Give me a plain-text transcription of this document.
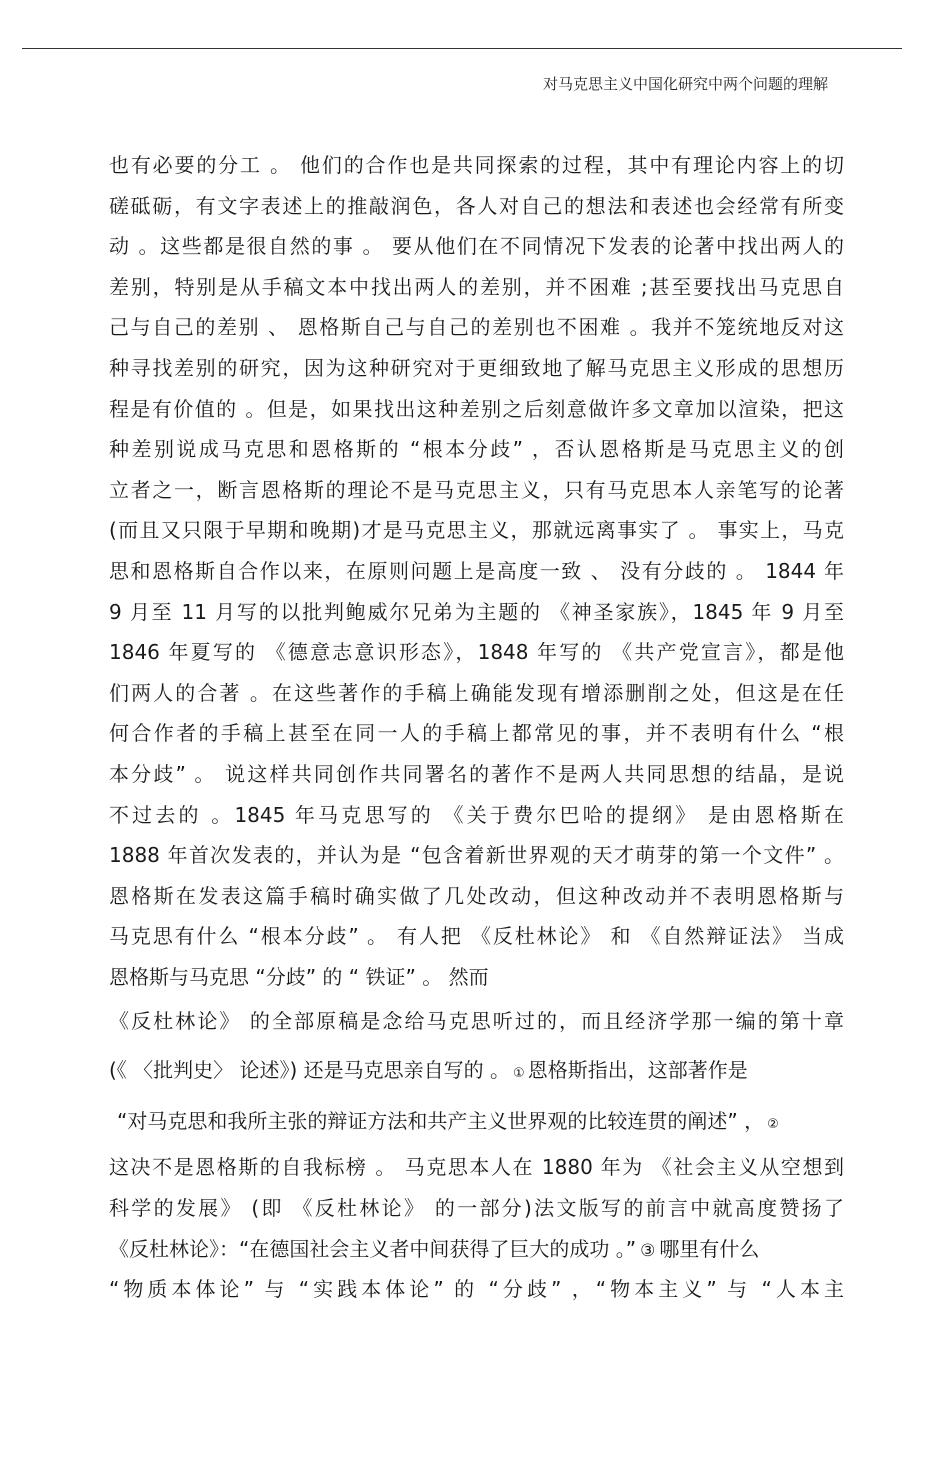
对马克思主义中国化研究中两个问题的理解
也有必要的分工 。 他们的合作也是共同探索的过程，其中有理论内容上的切
磋砥砺，有文字表述上的推敲润色，各人对自己的想法和表述也会经常有所变
动 。这些都是很自然的事 。 要从他们在不同情况下发表的论著中找出两人的
差别，特别是从手稿文本中找出两人的差别，并不困难 ;甚至要找出马克思自
己与自己的差别 、 恩格斯自己与自己的差别也不困难 。我并不笼统地反对这
种寻找差别的研究，因为这种研究对于更细致地了解马克思主义形成的思想历
程是有价值的 。但是，如果找出这种差别之后刻意做许多文章加以渲染，把这
种差别说成马克思和恩格斯的 “根本分歧” ，否认恩格斯是马克思主义的创
立者之一，断言恩格斯的理论不是马克思主义，只有马克思本人亲笔写的论著
(而且又只限于早期和晚期)才是马克思主义，那就远离事实了 。 事实上，马克
思和恩格斯自合作以来，在原则问题上是高度一致 、 没有分歧的 。 1844 年
9 月至 11 月写的以批判鲍威尔兄弟为主题的 《神圣家族》，1845 年 9 月至
1846 年夏写的 《德意志意识形态》，1848 年写的 《共产党宣言》，都是他
们两人的合著 。在这些著作的手稿上确能发现有增添删削之处，但这是在任
何合作者的手稿上甚至在同一人的手稿上都常见的事，并不表明有什么 “根
本分歧” 。 说这样共同创作共同署名的著作不是两人共同思想的结晶，是说
不过去的 。1845 年马克思写的 《关于费尔巴哈的提纲》 是由恩格斯在
1888 年首次发表的，并认为是 “包含着新世界观的天才萌芽的第一个文件” 。
恩格斯在发表这篇手稿时确实做了几处改动，但这种改动并不表明恩格斯与
马克思有什么 “根本分歧” 。 有人把 《反杜林论》 和 《自然辩证法》 当成
恩格斯与马克思 “分歧” 的 “ 铁证” 。 然而
《反杜林论》 的全部原稿是念给马克思听过的，而且经济学那一编的第十章
(《 〈批判史〉 论述》) 还是马克思亲自写的 。 ① 恩格斯指出，这部著作是
“对马克思和我所主张的辩证方法和共产主义世界观的比较连贯的阐述” ， ②
这决不是恩格斯的自我标榜 。 马克思本人在 1880 年为 《社会主义从空想到
科学的发展》 (即 《反杜林论》 的一部分)法文版写的前言中就高度赞扬了
《反杜林论》：“在德国社会主义者中间获得了巨大的成功 。” ③ 哪里有什么
“物质本体论” 与 “实践本体论” 的 “分歧” ，“物本主义” 与 “人本主
